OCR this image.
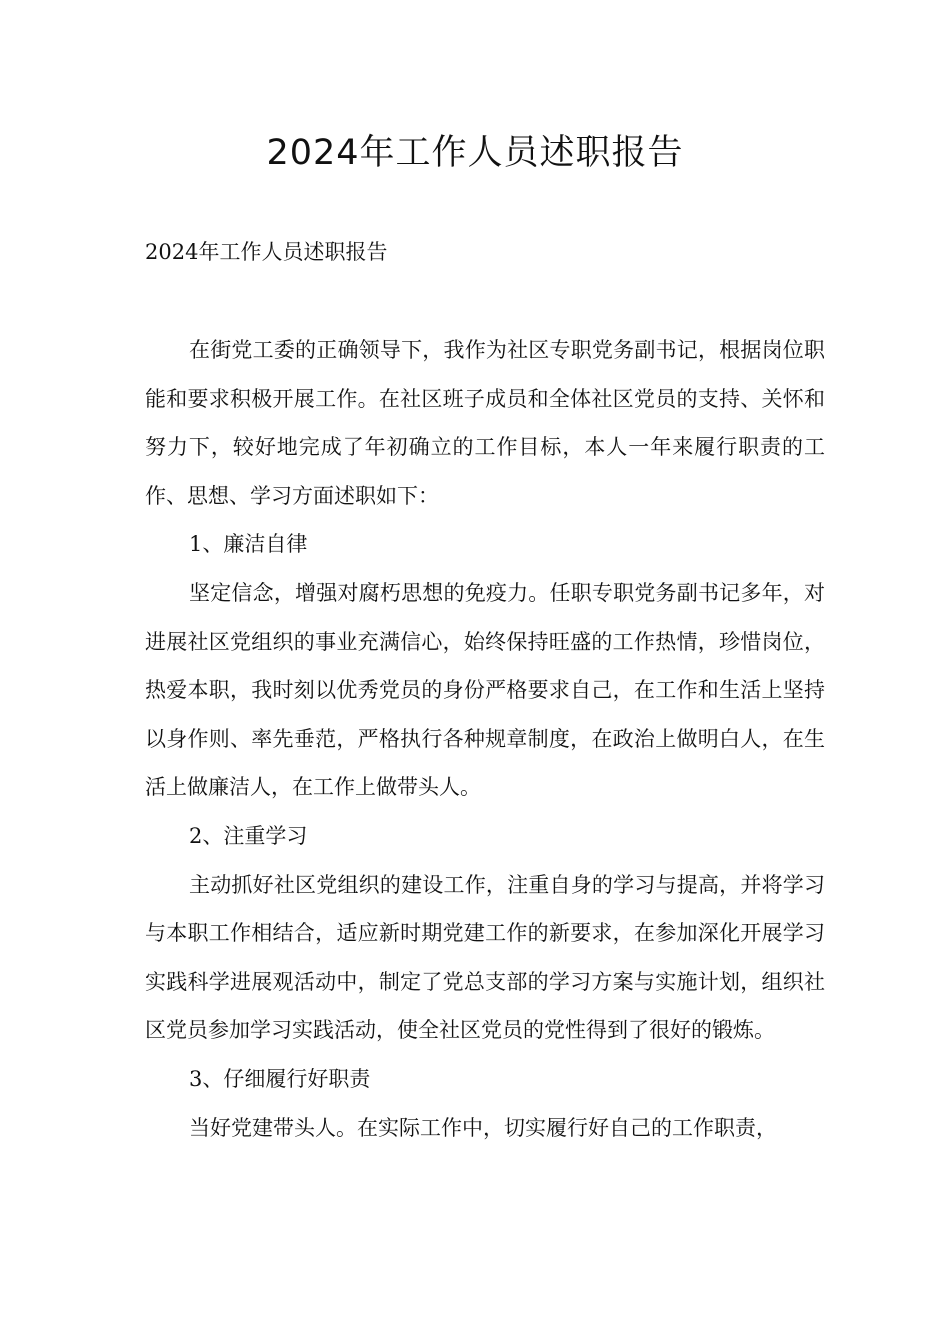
2024年工作人员述职报告

2024年工作人员述职报告

在街党工委的正确领导下，我作为社区专职党务副书记，根据岗位职能和要求积极开展工作。在社区班子成员和全体社区党员的支持、关怀和努力下，较好地完成了年初确立的工作目标，本人一年来履行职责的工作、思想、学习方面述职如下：

1、廉洁自律

坚定信念，增强对腐朽思想的免疫力。任职专职党务副书记多年，对进展社区党组织的事业充满信心，始终保持旺盛的工作热情，珍惜岗位，热爱本职，我时刻以优秀党员的身份严格要求自己，在工作和生活上坚持以身作则、率先垂范，严格执行各种规章制度，在政治上做明白人，在生活上做廉洁人，在工作上做带头人。

2、注重学习

主动抓好社区党组织的建设工作，注重自身的学习与提高，并将学习与本职工作相结合，适应新时期党建工作的新要求，在参加深化开展学习实践科学进展观活动中，制定了党总支部的学习方案与实施计划，组织社区党员参加学习实践活动，使全社区党员的党性得到了很好的锻炼。

3、仔细履行好职责

当好党建带头人。在实际工作中，切实履行好自己的工作职责，
